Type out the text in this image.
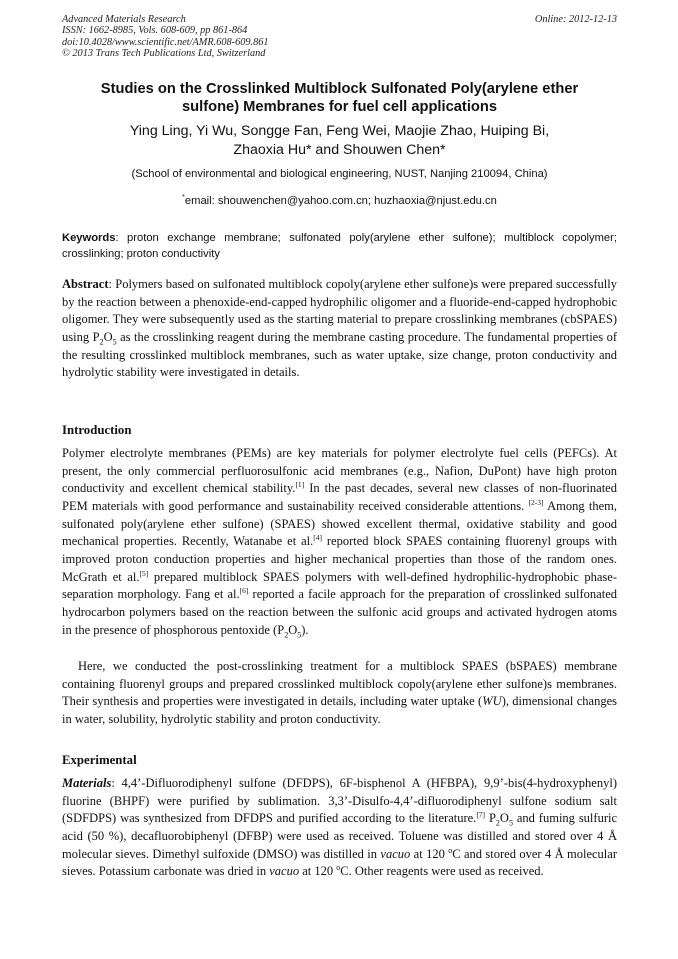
Advanced Materials Research
ISSN: 1662-8985, Vols. 608-609, pp 861-864
doi:10.4028/www.scientific.net/AMR.608-609.861
© 2013 Trans Tech Publications Ltd, Switzerland
Online: 2012-12-13
Studies on the Crosslinked Multiblock Sulfonated Poly(arylene ether
sulfone) Membranes for fuel cell applications
Ying Ling, Yi Wu, Songge Fan, Feng Wei, Maojie Zhao, Huiping Bi,
Zhaoxia Hu* and Shouwen Chen*
(School of environmental and biological engineering, NUST, Nanjing 210094, China)
*email: shouwenchen@yahoo.com.cn; huzhaoxia@njust.edu.cn
Keywords: proton exchange membrane; sulfonated poly(arylene ether sulfone); multiblock copolymer; crosslinking; proton conductivity

Abstract: Polymers based on sulfonated multiblock copoly(arylene ether sulfone)s were prepared successfully by the reaction between a phenoxide-end-capped hydrophilic oligomer and a fluoride-end-capped hydrophobic oligomer. They were subsequently used as the starting material to prepare crosslinking membranes (cbSPAES) using $P_2O_5$ as the crosslinking reagent during the membrane casting procedure. The fundamental properties of the resulting crosslinked multiblock membranes, such as water uptake, size change, proton conductivity and hydrolytic stability were investigated in details.

Introduction

Polymer electrolyte membranes (PEMs) are key materials for polymer electrolyte fuel cells (PEFCs). At present, the only commercial perfluorosulfonic acid membranes (e.g., Nafion, DuPont) have high proton conductivity and excellent chemical stability.[1] In the past decades, several new classes of non-fluorinated PEM materials with good performance and sustainability received considerable attentions. [2-3] Among them, sulfonated poly(arylene ether sulfone) (SPAES) showed excellent thermal, oxidative stability and good mechanical properties. Recently, Watanabe et al.[4] reported block SPAES containing fluorenyl groups with improved proton conduction properties and higher mechanical properties than those of the random ones. McGrath et al.[5] prepared multiblock SPAES polymers with well-defined hydrophilic-hydrophobic phase-separation morphology. Fang et al.[6] reported a facile approach for the preparation of crosslinked sulfonated hydrocarbon polymers based on the reaction between the sulfonic acid groups and activated hydrogen atoms in the presence of phosphorous pentoxide $(P_2O_5)$.

Here, we conducted the post-crosslinking treatment for a multiblock SPAES (bSPAES) membrane containing fluorenyl groups and prepared crosslinked multiblock copoly(arylene ether sulfone)s membranes. Their synthesis and properties were investigated in details, including water uptake (WU), dimensional changes in water, solubility, hydrolytic stability and proton conductivity.

Experimental

Materials: 4,4’-Difluorodiphenyl sulfone (DFDPS), 6F-bisphenol A (HFBPA), 9,9’-bis(4-hydroxyphenyl) fluorine (BHPF) were purified by sublimation. 3,3’-Disulfo-4,4’-difluorodiphenyl sulfone sodium salt (SDFDPS) was synthesized from DFDPS and purified according to the literature.[7] $P_2O_5$ and fuming sulfuric acid (50 %), decafluorobiphenyl (DFBP) were used as received. Toluene was distilled and stored over 4 Å molecular sieves. Dimethyl sulfoxide (DMSO) was distilled in vacuo at 120 $^o$C and stored over 4 Å molecular sieves. Potassium carbonate was dried in vacuo at 120 $^o$C. Other reagents were used as received.
